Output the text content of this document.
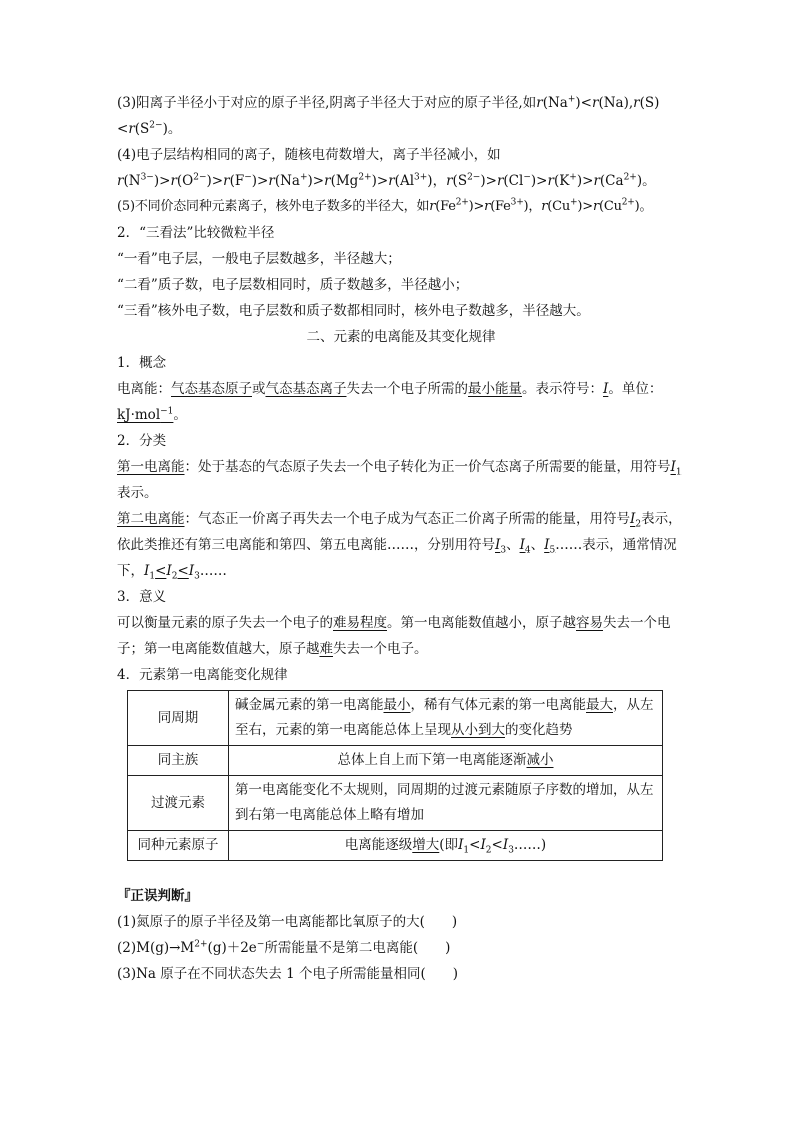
(3)阳离子半径小于对应的原子半径,阴离子半径大于对应的原子半径,如$r(Na^+)<r(Na),r(S)<r(S^{2-})$。
(4)电子层结构相同的离子，随核电荷数增大，离子半径减小，如$r(N^{3-})>r(O^{2-})>r(F^-)>r(Na^+)>r(Mg^{2+})>r(Al^{3+})$，$r(S^{2-})>r(Cl^-)>r(K^+)>r(Ca^{2+})$。
(5)不同价态同种元素离子，核外电子数多的半径大，如$r(Fe^{2+})>r(Fe^{3+})$，$r(Cu^+)>r(Cu^{2+})$。
2．“三看法”比较微粒半径
“一看”电子层，一般电子层数越多，半径越大；
“二看”质子数，电子层数相同时，质子数越多，半径越小；
“三看”核外电子数，电子层数和质子数都相同时，核外电子数越多，半径越大。
二、元素的电离能及其变化规律
1．概念
电离能：气态基态原子或气态基态离子失去一个电子所需的最小能量。表示符号：I。单位：kJ·mol$^{-1}$。
2．分类
第一电离能：处于基态的气态原子失去一个电子转化为正一价气态离子所需要的能量，用符号$I_1$表示。
第二电离能：气态正一价离子再失去一个电子成为气态正二价离子所需的能量，用符号$I_2$表示，依此类推还有第三电离能和第四、第五电离能……，分别用符号$I_3$、$I_4$、$I_5\dots\dots$表示，通常情况下，$I_1<I_2<I_3\dots\dots$
3．意义
可以衡量元素的原子失去一个电子的难易程度。第一电离能数值越小，原子越容易失去一个电子；第一电离能数值越大，原子越难失去一个电子。
4．元素第一电离能变化规律
同周期	碱金属元素的第一电离能最小，稀有气体元素的第一电离能最大，从左至右，元素的第一电离能总体上呈现从小到大的变化趋势
同主族	总体上自上而下第一电离能逐渐减小
过渡元素	第一电离能变化不太规则，同周期的过渡元素随原子序数的增加，从左到右第一电离能总体上略有增加
同种元素原子	电离能逐级增大(即$I_1<I_2<I_3\dots\dots$)
『正误判断』
(1)氮原子的原子半径及第一电离能都比氧原子的大(　　)
$(2)M(g)\to M^{2+}(g)+2e^-$所需能量不是第二电离能(　　)
(3)Na 原子在不同状态失去 1 个电子所需能量相同(　　)
